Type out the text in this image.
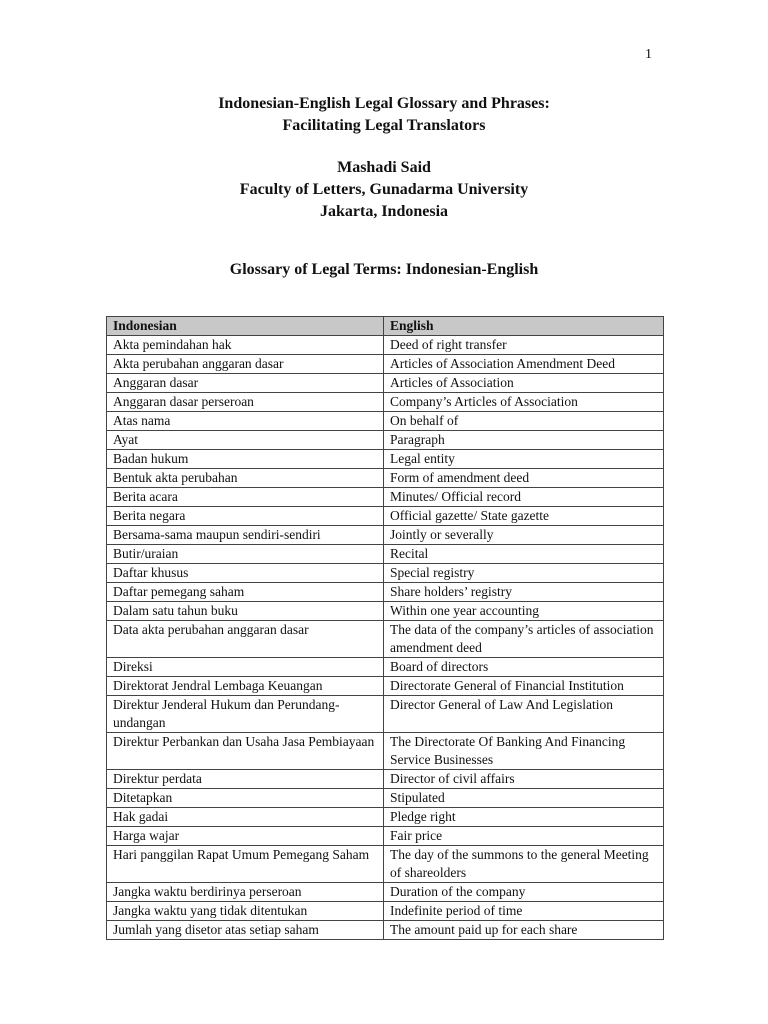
1
Indonesian-English Legal Glossary and Phrases:
Facilitating Legal Translators
Mashadi Said
Faculty of Letters, Gunadarma University
Jakarta, Indonesia
Glossary of Legal Terms: Indonesian-English
Indonesian	English
Akta pemindahan hak	Deed of right transfer
Akta perubahan anggaran dasar	Articles of Association Amendment Deed
Anggaran dasar	Articles of Association
Anggaran dasar perseroan	Company’s Articles of Association
Atas nama	On behalf of
Ayat	Paragraph
Badan hukum	Legal entity
Bentuk akta perubahan	Form of amendment deed
Berita acara	Minutes/ Official record
Berita negara	Official gazette/ State gazette
Bersama-sama maupun sendiri-sendiri	Jointly or severally
Butir/uraian	Recital
Daftar khusus	Special registry
Daftar pemegang saham	Share holders’ registry
Dalam satu tahun buku	Within one year accounting
Data akta perubahan anggaran dasar	The data of the company’s articles of association amendment deed
Direksi	Board of directors
Direktorat Jendral Lembaga Keuangan	Directorate General of Financial Institution
Direktur Jenderal Hukum dan Perundang-undangan	Director General of Law And Legislation
Direktur Perbankan dan Usaha Jasa Pembiayaan	The Directorate Of Banking And Financing Service Businesses
Direktur perdata	Director of civil affairs
Ditetapkan	Stipulated
Hak gadai	Pledge right
Harga wajar	Fair price
Hari panggilan Rapat Umum Pemegang Saham	The day of the summons to the general Meeting of shareolders
Jangka waktu berdirinya perseroan	Duration of the company
Jangka waktu yang tidak ditentukan	Indefinite period of time
Jumlah yang disetor atas setiap saham	The amount paid up for each share
